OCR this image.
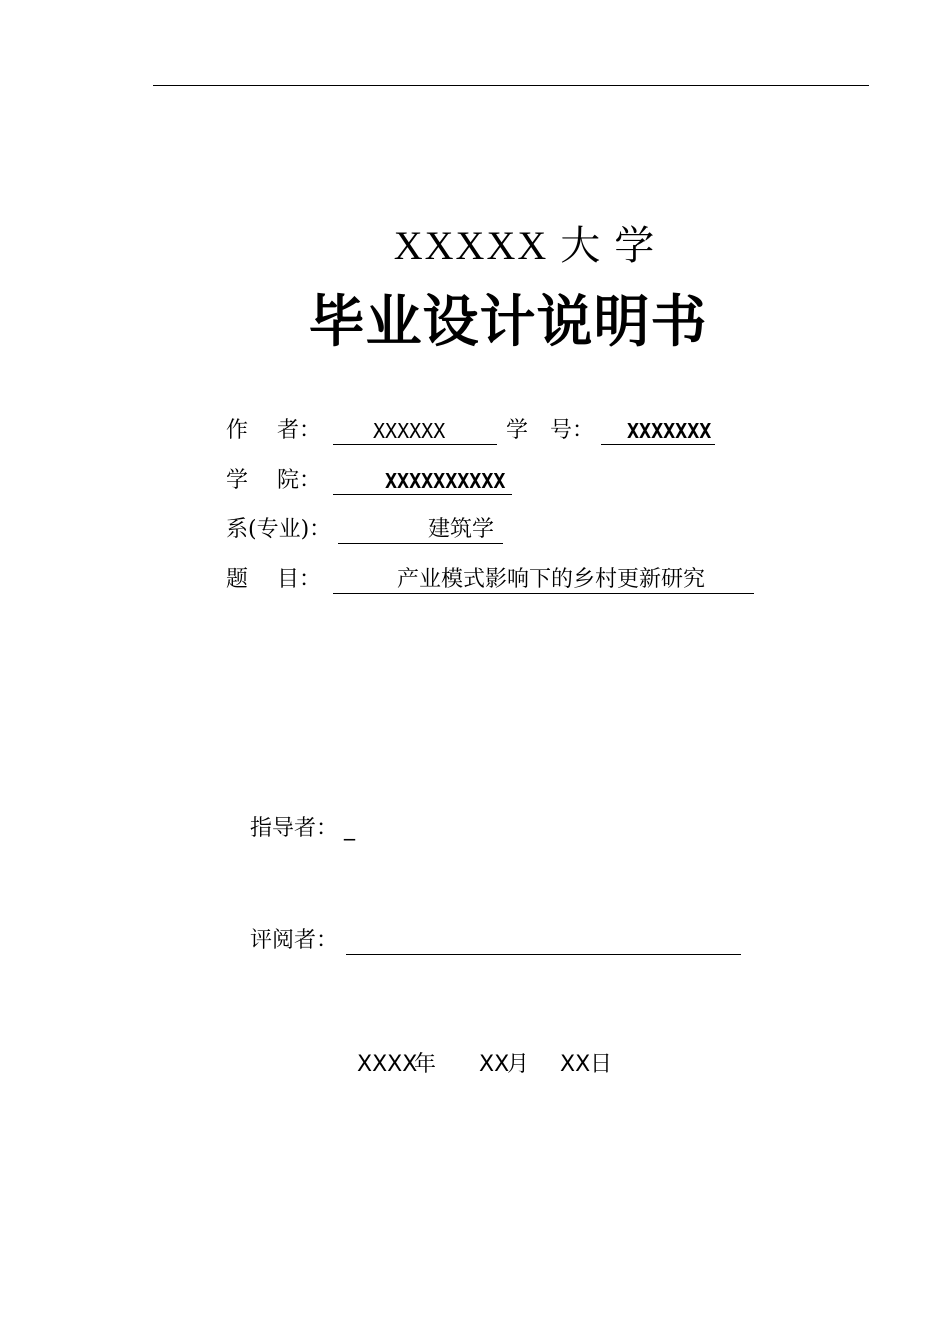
XXXXX 大 学
毕业设计说明书
作　 者：	XXXXXX	学　号： XXXXXXX
学　 院：	XXXXXXXXXX
系(专业)：	建筑学
题　 目：	产业模式影响下的乡村更新研究
指导者： _
评阅者：
XXXX
年 XX
月 XX 日
